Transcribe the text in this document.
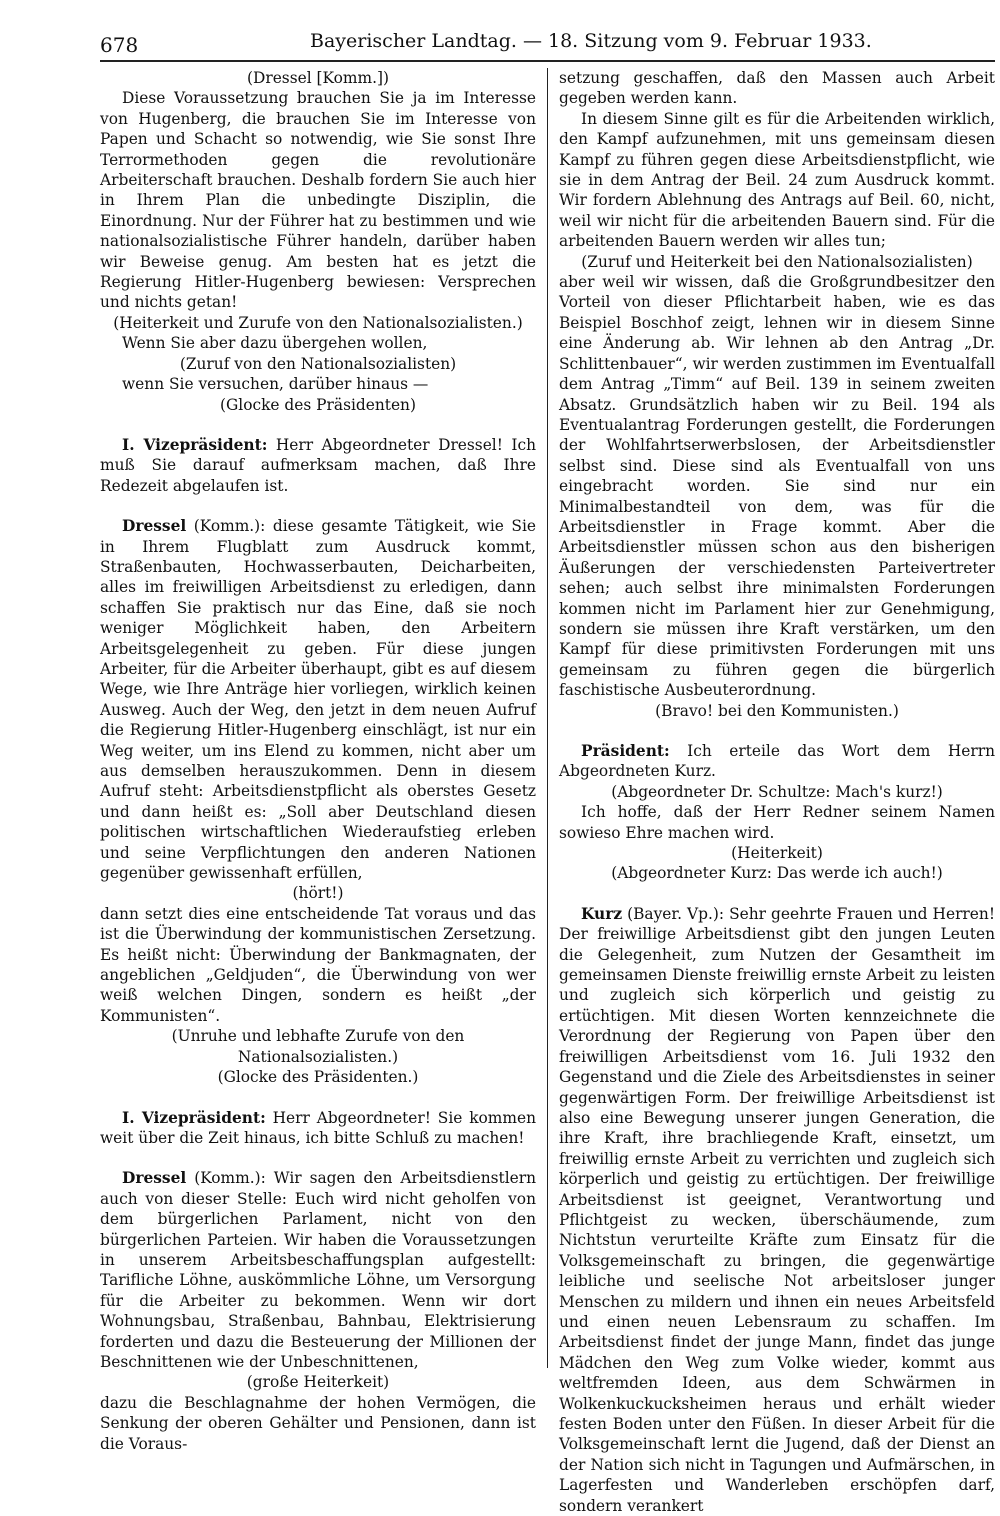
678	Bayerischer Landtag. — 18. Sitzung vom 9. Februar 1933.

(Dressel [Komm.])

Diese Voraussetzung brauchen Sie ja im Interesse von Hugenberg, die brauchen Sie im Interesse von Papen und Schacht so notwendig, wie Sie sonst Ihre Terrormethoden gegen die revolutionäre Arbeiterschaft brauchen. Deshalb fordern Sie auch hier in Ihrem Plan die unbedingte Disziplin, die Einordnung. Nur der Führer hat zu bestimmen und wie nationalsozialistische Führer handeln, darüber haben wir Beweise genug. Am besten hat es jetzt die Regierung Hitler-Hugenberg bewiesen: Versprechen und nichts getan!

(Heiterkeit und Zurufe von den Nationalsozialisten.)

Wenn Sie aber dazu übergehen wollen,

(Zuruf von den Nationalsozialisten)

wenn Sie versuchen, darüber hinaus —

(Glocke des Präsidenten)

I. Vizepräsident: Herr Abgeordneter Dressel! Ich muß Sie darauf aufmerksam machen, daß Ihre Redezeit abgelaufen ist.

Dressel (Komm.): diese gesamte Tätigkeit, wie Sie in Ihrem Flugblatt zum Ausdruck kommt, Straßenbauten, Hochwasserbauten, Deicharbeiten, alles im freiwilligen Arbeitsdienst zu erledigen, dann schaffen Sie praktisch nur das Eine, daß sie noch weniger Möglichkeit haben, den Arbeitern Arbeitsgelegenheit zu geben. Für diese jungen Arbeiter, für die Arbeiter überhaupt, gibt es auf diesem Wege, wie Ihre Anträge hier vorliegen, wirklich keinen Ausweg. Auch der Weg, den jetzt in dem neuen Aufruf die Regierung Hitler-Hugenberg einschlägt, ist nur ein Weg weiter, um ins Elend zu kommen, nicht aber um aus demselben herauszukommen. Denn in diesem Aufruf steht: Arbeitsdienstpflicht als oberstes Gesetz und dann heißt es: „Soll aber Deutschland diesen politischen wirtschaftlichen Wiederaufstieg erleben und seine Verpflichtungen den anderen Nationen gegenüber gewissenhaft erfüllen,

(hört!)

dann setzt dies eine entscheidende Tat voraus und das ist die Überwindung der kommunistischen Zersetzung. Es heißt nicht: Überwindung der Bankmagnaten, der angeblichen „Geldjuden“, die Überwindung von wer weiß welchen Dingen, sondern es heißt „der Kommunisten“.

(Unruhe und lebhafte Zurufe von den Nationalsozialisten.)

(Glocke des Präsidenten.)

I. Vizepräsident: Herr Abgeordneter! Sie kommen weit über die Zeit hinaus, ich bitte Schluß zu machen!

Dressel (Komm.): Wir sagen den Arbeitsdienstlern auch von dieser Stelle: Euch wird nicht geholfen von dem bürgerlichen Parlament, nicht von den bürgerlichen Parteien. Wir haben die Voraussetzungen in unserem Arbeitsbeschaffungsplan aufgestellt: Tarifliche Löhne, auskömmliche Löhne, um Versorgung für die Arbeiter zu bekommen. Wenn wir dort Wohnungsbau, Straßenbau, Bahnbau, Elektrisierung forderten und dazu die Besteuerung der Millionen der Beschnittenen wie der Unbeschnittenen,

(große Heiterkeit)

dazu die Beschlagnahme der hohen Vermögen, die Senkung der oberen Gehälter und Pensionen, dann ist die Voraus-

setzung geschaffen, daß den Massen auch Arbeit gegeben werden kann.

In diesem Sinne gilt es für die Arbeitenden wirklich, den Kampf aufzunehmen, mit uns gemeinsam diesen Kampf zu führen gegen diese Arbeitsdienstpflicht, wie sie in dem Antrag der Beil. 24 zum Ausdruck kommt. Wir fordern Ablehnung des Antrags auf Beil. 60, nicht, weil wir nicht für die arbeitenden Bauern sind. Für die arbeitenden Bauern werden wir alles tun;

(Zuruf und Heiterkeit bei den Nationalsozialisten)

aber weil wir wissen, daß die Großgrundbesitzer den Vorteil von dieser Pflichtarbeit haben, wie es das Beispiel Boschhof zeigt, lehnen wir in diesem Sinne eine Änderung ab. Wir lehnen ab den Antrag „Dr. Schlittenbauer“, wir werden zustimmen im Eventualfall dem Antrag „Timm“ auf Beil. 139 in seinem zweiten Absatz. Grundsätzlich haben wir zu Beil. 194 als Eventualantrag Forderungen gestellt, die Forderungen der Wohlfahrtserwerbslosen, der Arbeitsdienstler selbst sind. Diese sind als Eventualfall von uns eingebracht worden. Sie sind nur ein Minimalbestandteil von dem, was für die Arbeitsdienstler in Frage kommt. Aber die Arbeitsdienstler müssen schon aus den bisherigen Äußerungen der verschiedensten Parteivertreter sehen; auch selbst ihre minimalsten Forderungen kommen nicht im Parlament hier zur Genehmigung, sondern sie müssen ihre Kraft verstärken, um den Kampf für diese primitivsten Forderungen mit uns gemeinsam zu führen gegen die bürgerlich faschistische Ausbeuterordnung.

(Bravo! bei den Kommunisten.)

Präsident: Ich erteile das Wort dem Herrn Abgeordneten Kurz.

(Abgeordneter Dr. Schultze: Mach's kurz!)

Ich hoffe, daß der Herr Redner seinem Namen sowieso Ehre machen wird.

(Heiterkeit)

(Abgeordneter Kurz: Das werde ich auch!)

Kurz (Bayer. Vp.): Sehr geehrte Frauen und Herren! Der freiwillige Arbeitsdienst gibt den jungen Leuten die Gelegenheit, zum Nutzen der Gesamtheit im gemeinsamen Dienste freiwillig ernste Arbeit zu leisten und zugleich sich körperlich und geistig zu ertüchtigen. Mit diesen Worten kennzeichnete die Verordnung der Regierung von Papen über den freiwilligen Arbeitsdienst vom 16. Juli 1932 den Gegenstand und die Ziele des Arbeitsdienstes in seiner gegenwärtigen Form. Der freiwillige Arbeitsdienst ist also eine Bewegung unserer jungen Generation, die ihre Kraft, ihre brachliegende Kraft, einsetzt, um freiwillig ernste Arbeit zu verrichten und zugleich sich körperlich und geistig zu ertüchtigen. Der freiwillige Arbeitsdienst ist geeignet, Verantwortung und Pflichtgeist zu wecken, überschäumende, zum Nichtstun verurteilte Kräfte zum Einsatz für die Volksgemeinschaft zu bringen, die gegenwärtige leibliche und seelische Not arbeitsloser junger Menschen zu mildern und ihnen ein neues Arbeitsfeld und einen neuen Lebensraum zu schaffen. Im Arbeitsdienst findet der junge Mann, findet das junge Mädchen den Weg zum Volke wieder, kommt aus weltfremden Ideen, aus dem Schwärmen in Wolkenkuckucksheimen heraus und erhält wieder festen Boden unter den Füßen. In dieser Arbeit für die Volksgemeinschaft lernt die Jugend, daß der Dienst an der Nation sich nicht in Tagungen und Aufmärschen, in Lagerfesten und Wanderleben erschöpfen darf, sondern verankert
